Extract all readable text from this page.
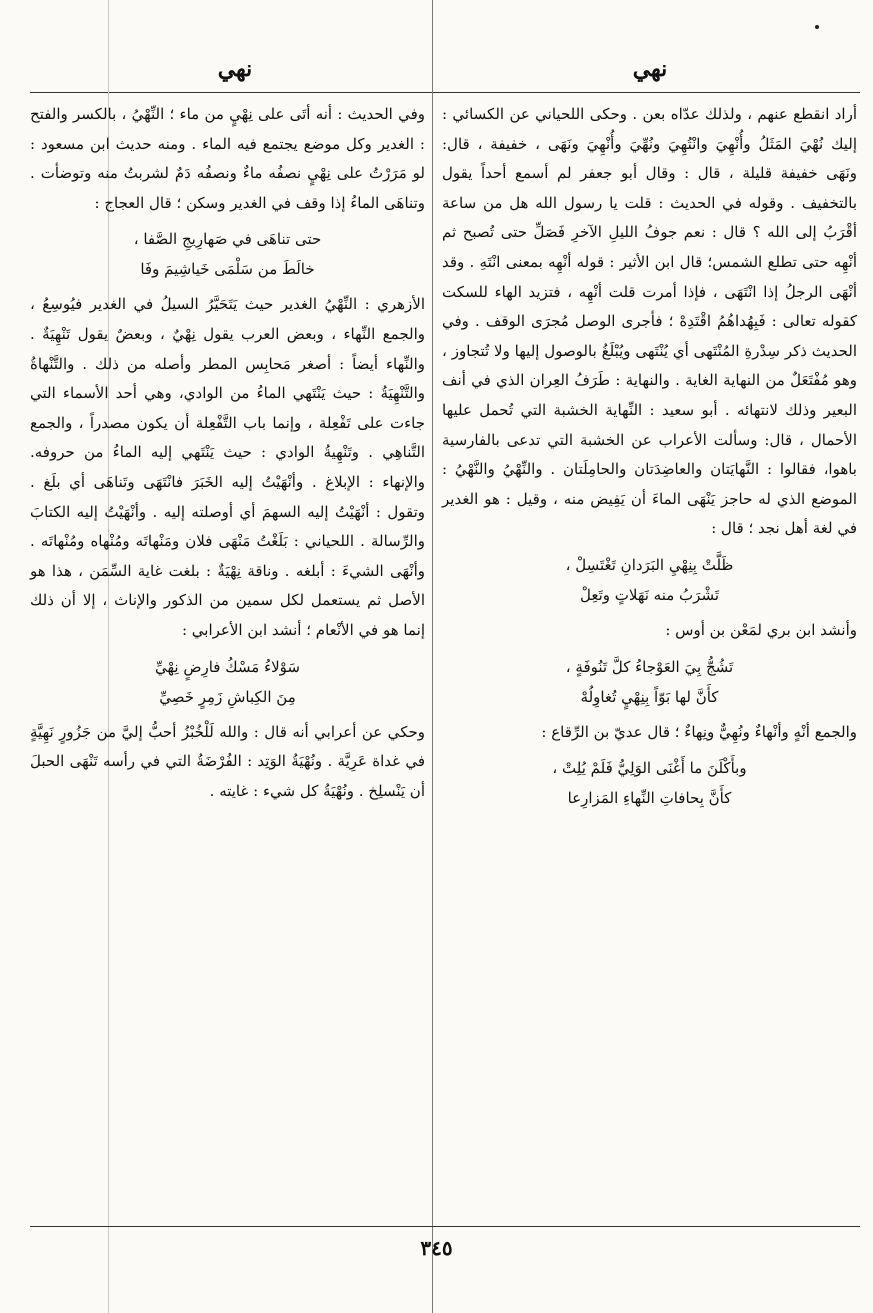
نهي
نهي

أراد انقطع عنهم ، ولذلك عدّاه بعن . وحكى اللحياني عن الكسائي : إليك نُهْيَ المَثَلُ وأُنْهِيَ وانْتُهِيَ ونُهِّيَ وأُنْهِيَ ونَهَى ، خفيفة ، قال: ونَهَى خفيفة قليلة ، قال : وقال أبو جعفر لم أسمع أحداً يقول بالتخفيف . وقوله في الحديث : قلت يا رسول الله هل من ساعة أقْرَبُ إلى الله ؟ قال : نعم جوفُ الليلِ الآخرِ فَصَلِّ حتى تُصبح ثم أنْهِه حتى تطلع الشمس؛ قال ابن الأثير : قوله أنْهِه بمعنى انْتَهِ . وقد أنْهَى الرجلُ إذا انْتَهَى ، فإذا أمرت قلت أنْهِه ، فتزيد الهاء للسكت كقوله تعالى : فَبِهُداهُمُ اقْتَدِهْ ؛ فأجرى الوصل مُجرَى الوقف . وفي الحديث ذكر سِدْرةِ المُنْتَهى أي يُنْتَهى ويُبْلَغُ بالوصول إليها ولا تُتجاوز ، وهو مُفْتَعَلٌ من النهاية الغاية . والنهاية : طَرَفُ العِران الذي في أنف البعير وذلك لانتهائه . أبو سعيد : النِّهاية الخشبة التي تُحمل عليها الأحمال ، قال: وسألت الأعراب عن الخشبة التي تدعى بالفارسية باهوا، فقالوا : النَّهايَتان والعاضِدَتان والحامِلَتان . والنِّهْيُ والنَّهْيُ : الموضع الذي له حاجز يَنْهَى الماءَ أن يَفِيض منه ، وقيل : هو الغدير في لغة أهل نجد ؛ قال :

ظَلَّتْ بِنِهْيِ البَرَدانِ تَغْتَسِلْ ،
تَشْرَبُ منه نَهَلاتٍ وتَعِلْ

وأنشد ابن بري لمَعْن بن أوس :

تَشُجُّ بِيَ العَوْجاءُ كلَّ تَنُوفَةٍ ،
كأَنَّ لها بَوّاً بِنِهْيٍ تُغاوِلُهْ

والجمع أنْهٍ وأنْهاءٌ ونُهِيٌّ ونِهاءٌ ؛ قال عديّ بن الرِّقاع :

وبأَكْلَنَ ما أَغْنَى الوَلِيُّ فَلَمْ يُلِتْ ،
كأَنَّ بِحافاتِ النِّهاءِ المَزارِعا

وفي الحديث : أنه أتَى على نِهْيٍ من ماء ؛ النِّهْيُ ، بالكسر والفتح : الغدير وكل موضع يجتمع فيه الماء . ومنه حديث ابن مسعود : لو مَرَرْتُ على نِهْيٍ نصفُه ماءٌ ونصفُه دَمٌ لشربتُ منه وتوضأت . وتناهَى الماءُ إذا وقف في الغدير وسكن ؛ قال العجاج :

حتى تناهَى في صَهارِيجِ الصَّفا ،
خالَطَ من سَلْمَى خَياشِيمَ وفَا

الأزهري : النِّهْيُ الغدير حيث يَتَحَيَّرُ السيلُ في الغدير فيُوسِعُ ، والجمع النِّهاء ، وبعض العرب يقول نِهْيٌ ، وبعضٌ يقول تَنْهِيَةٌ . والنِّهاء أيضاً : أصغر مَحابِس المطر وأصله من ذلك . والتَّنْهاةُ والتَّنْهِيَةُ : حيث يَنْتَهي الماءُ من الوادي، وهي أحد الأسماء التي جاءت على تَفْعِلة ، وإنما باب التَّفْعِلة أن يكون مصدراً ، والجمع التَّناهِي . وتَنْهِيةُ الوادي : حيث يَنْتَهي إليه الماءُ من حروفه. والإنهاء : الإبلاغ . وأنْهَيْتُ إليه الخَبَرَ فانْتَهَى وتَناهَى أي بلَغ . وتقول : أنْهَيْتُ إليه السهمَ أي أوصلته إليه . وأنْهَيْتُ إليه الكتابَ والرِّسالة . اللحياني : بَلَغْتُ مَنْهَى فلان ومَنْهاتَه ومُنْهاه ومُنْهاتَه . وأنْهَى الشيءَ : أبلغه . وناقة نِهْيَةٌ : بلغت غاية السِّمَن ، هذا هو الأصل ثم يستعمل لكل سمين من الذكور والإناث ، إلا أن ذلك إنما هو في الأنْعام ؛ أنشد ابن الأعرابي :

سَوْلاءُ مَسْكُ فارِضٍ نِهْيِّ
مِنَ الكِباشِ زَمِرٍ خَصِيِّ

وحكي عن أعرابي أنه قال : والله لَلْخُبْزُ أحبُّ إليَّ من جَزُورٍ نَهِيَّةٍ في غداة عَرِيَّة . ونُهْيَةُ الوَتِد : الفُرْضَةُ التي في رأسه تَنْهَى الحبلَ أن يَنْسلِخ . ونُهْيَةُ كل شيء : غايته .

٣٤٥
